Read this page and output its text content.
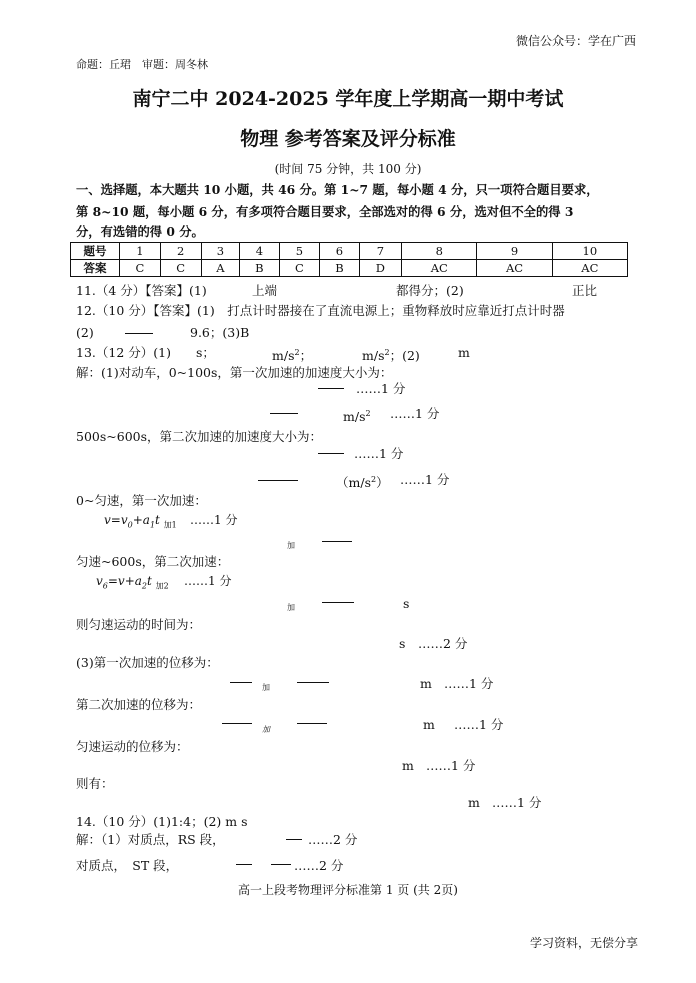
微信公众号：学在广西
命题：丘珺　审题：周冬林
南宁二中 2024-2025 学年度上学期高一期中考试
物理 参考答案及评分标准
(时间 75 分钟，共 100 分)
一、选择题，本大题共 10 小题，共 46 分。第 1~7 题，每小题 4 分，只一项符合题目要求，
第 8~10 题，每小题 6 分，有多项符合题目要求，全部选对的得 6 分，选对但不全的得 3
分，有选错的得 0 分。
题号	1	2	3	4	5	6	7	8	9	10
答案	C	C	A	B	C	B	D	AC	AC	AC
11.（4 分）【答案】(1)	上端	都得分；(2)	正比
12.（10 分）【答案】(1)　打点计时器接在了直流电源上；重物释放时应靠近打点计时器
(2)	9.6；(3)B
13.（12 分）(1) s；	$m/s^2$；	$m/s^2$；(2)	m
解：(1)对动车，0~100s，第一次加速的加速度大小为：
……1 分
$m/s^2$ ……1 分
500s~600s，第二次加速的加速度大小为：
……1 分
$(m/s^2)$ ……1 分
0~匀速，第一次加速：
$v=v_0+a_1t$ $_{加1}$ ……1 分
加
匀速~600s，第二次加速：
$v_6=v+a_2t$ $_{加2}$ ……1 分
加	s
则匀速运动的时间为：
s ……2 分
(3)第一次加速的位移为：
加	m ……1 分
第二次加速的位移为：
加	m ……1 分
匀速运动的位移为：
m ……1 分
则有：
m ……1 分
14.（10 分）(1)1:4；(2) m s
解：（1）对质点，RS 段，	……2 分
对质点，　ST 段，	……2 分
高一上段考物理评分标准第 1 页 (共 2页)
学习资料，无偿分享
